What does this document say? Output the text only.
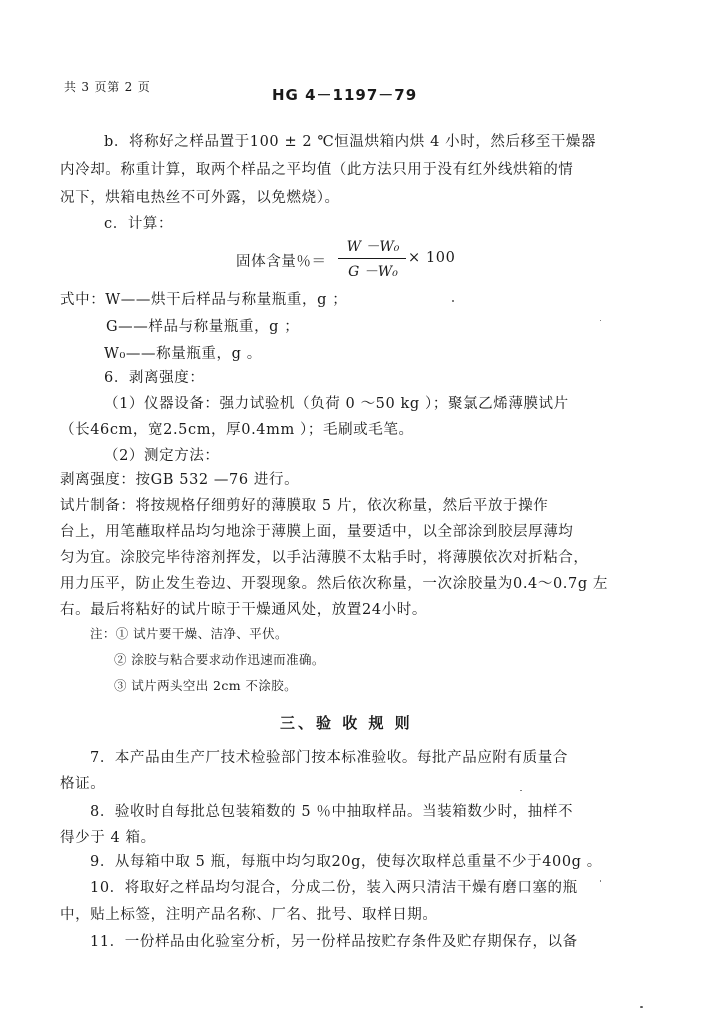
共 3 页第 2 页	HG 4－1197－79
b．将称好之样品置于100 ± 2 ℃恒温烘箱内烘 4 小时，然后移至干燥器
内冷却。称重计算，取两个样品之平均值（此方法只用于没有红外线烘箱的情
况下，烘箱电热丝不可外露，以免燃烧）。
c．计算：
固体含量％＝
W －W₀
G －W₀
× 100
式中：W——烘干后样品与称量瓶重，g ；
G——样品与称量瓶重，g ；
W₀——称量瓶重，g 。
6．剥离强度：
（1）仪器设备：强力试验机（负荷 0 ～50 kg ）；聚氯乙烯薄膜试片
（长46cm，宽2.5cm，厚0.4mm ）；毛刷或毛笔。
（2）测定方法：
剥离强度：按GB 532 —76 进行。
试片制备：将按规格仔细剪好的薄膜取 5 片，依次称量，然后平放于操作
台上，用笔蘸取样品均匀地涂于薄膜上面，量要适中，以全部涂到胶层厚薄均
匀为宜。涂胶完毕待溶剂挥发，以手沾薄膜不太粘手时，将薄膜依次对折粘合，
用力压平，防止发生卷边、开裂现象。然后依次称量，一次涂胶量为0.4～0.7g 左
右。最后将粘好的试片晾于干燥通风处，放置24小时。
注：① 试片要干燥、洁净、平伏。
② 涂胶与粘合要求动作迅速而准确。
③ 试片两头空出 2cm 不涂胶。
三、验 收 规 则
7．本产品由生产厂技术检验部门按本标准验收。每批产品应附有质量合
格证。
8．验收时自每批总包装箱数的 5 ％中抽取样品。当装箱数少时，抽样不
得少于 4 箱。
9．从每箱中取 5 瓶，每瓶中均匀取20g，使每次取样总重量不少于400g 。
10．将取好之样品均匀混合，分成二份，装入两只清洁干燥有磨口塞的瓶
中，贴上标签，注明产品名称、厂名、批号、取样日期。
11．一份样品由化验室分析，另一份样品按贮存条件及贮存期保存，以备
